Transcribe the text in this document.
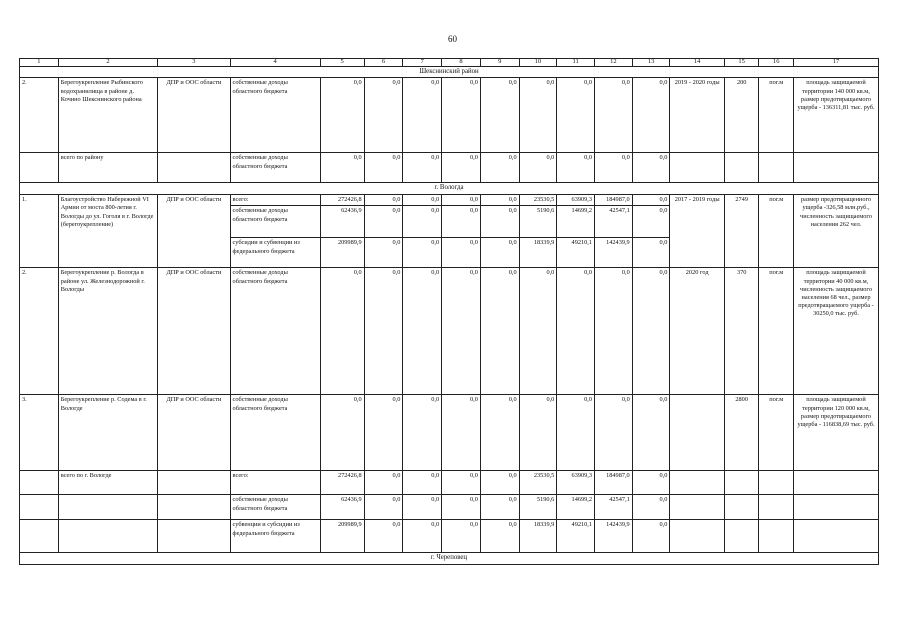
60
1	2	3	4	5	6	7	8	9	10	11	12	13	14	15	16	17
Шекснинский район																
2.	Берегоукрепление Рыбинского водохранилища в районе д. Кочино Шекснинского района	ДПР и ООС области	собственные доходы областного бюджета	0,0	0,0	0,0	0,0	0,0	0,0	0,0	0,0	0,0	2019 - 2020 годы	200	пог.м	площадь защищаемой территории 140 000 кв.м, размер предотвращаемого ущерба - 136311,81 тыс. руб.
	всего по району		собственные доходы областного бюджета	0,0	0,0	0,0	0,0	0,0	0,0	0,0	0,0	0,0				
г. Вологда																
1.	Благоустройство Набережной VI Армии от моста 800-летия г. Вологды до ул. Гоголя в г. Вологде (берегоукрепление)	ДПР и ООС области	всего:	272426,8	0,0	0,0	0,0	0,0	23530,5	63909,3	184987,0	0,0	2017 - 2019 годы	2749	пог.м	размер предотвращенного ущерба -326,58 млн.руб., численность защищаемого населения 262 чел.
			собственные доходы областного бюджета	62436,9	0,0	0,0	0,0	0,0	5190,6	14699,2	42547,1	0,0				
			субсидии и субвенции из федерального бюджета	209989,9	0,0	0,0	0,0	0,0	18339,9	49210,1	142439,9	0,0				
2.	Берегоукрепление р. Вологда в районе ул. Железнодорожной г. Вологды	ДПР и ООС области	собственные доходы областного бюджета	0,0	0,0	0,0	0,0	0,0	0,0	0,0	0,0	0,0	2020 год	370	пог.м	площадь защищаемой территории 40 000 кв.м, численность защищаемого населения 68 чел., размер предотвращаемого ущерба - 30250,0 тыс. руб.
3.	Берегоукрепление р. Содема в г. Вологде	ДПР и ООС области	собственные доходы областного бюджета	0,0	0,0	0,0	0,0	0,0	0,0	0,0	0,0	0,0		2800	пог.м	площадь защищаемой территории 120 000 кв.м, размер предотвращаемого ущерба - 116838,69 тыс. руб.
	всего по г. Вологде		всего:	272426,8	0,0	0,0	0,0	0,0	23530,5	63909,3	184987,0	0,0				
			собственные доходы областного бюджета	62436,9	0,0	0,0	0,0	0,0	5190,6	14699,2	42547,1	0,0				
			субвенции и субсидии из федерального бюджета	209989,9	0,0	0,0	0,0	0,0	18339,9	49210,1	142439,9	0,0				
г. Череповец																
